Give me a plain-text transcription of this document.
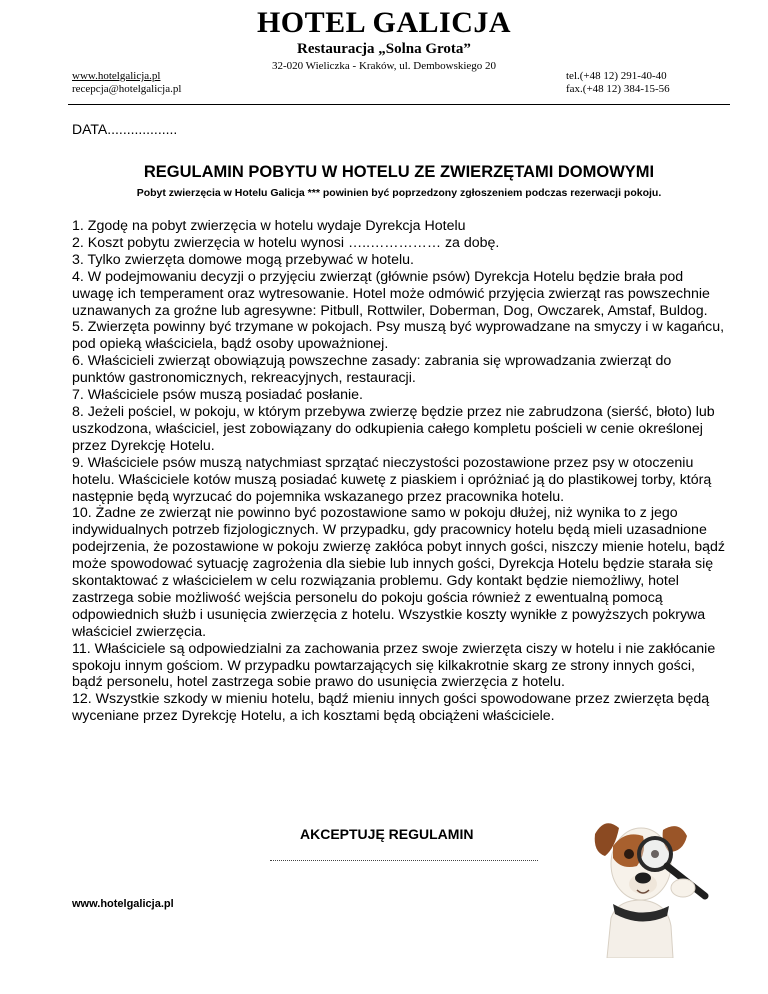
HOTEL GALICJA
Restauracja „Solna Grota”
32-020 Wieliczka - Kraków, ul. Dembowskiego 20
www.hotelgalicja.pl
recepcja@hotelgalicja.pl
tel.(+48 12) 291-40-40
fax.(+48 12) 384-15-56
DATA..................
REGULAMIN POBYTU W HOTELU ZE ZWIERZĘTAMI DOMOWYMI
Pobyt zwierzęcia w Hotelu Galicja *** powinien być poprzedzony zgłoszeniem podczas rezerwacji pokoju.

1. Zgodę na pobyt zwierzęcia w hotelu wydaje Dyrekcja Hotelu

2. Koszt pobytu zwierzęcia w hotelu wynosi …..…………… za dobę.

3. Tylko zwierzęta domowe mogą przebywać w hotelu.

4. W podejmowaniu decyzji o przyjęciu zwierząt (głównie psów) Dyrekcja Hotelu będzie brała pod uwagę ich temperament oraz wytresowanie. Hotel może odmówić przyjęcia zwierząt ras powszechnie uznawanych za groźne lub agresywne: Pitbull, Rottwiler, Doberman, Dog, Owczarek, Amstaf, Buldog.

5. Zwierzęta powinny być trzymane w pokojach. Psy muszą być wyprowadzane na smyczy i w kagańcu, pod opieką właściciela, bądź osoby upoważnionej.

6. Właścicieli zwierząt obowiązują powszechne zasady: zabrania się wprowadzania zwierząt do punktów gastronomicznych, rekreacyjnych, restauracji.

7. Właściciele psów muszą posiadać posłanie.

8. Jeżeli pościel, w pokoju, w którym przebywa zwierzę będzie przez nie zabrudzona (sierść, błoto) lub uszkodzona, właściciel, jest zobowiązany do odkupienia całego kompletu pościeli w cenie określonej przez Dyrekcję Hotelu.

9. Właściciele psów muszą natychmiast sprzątać nieczystości pozostawione przez psy w otoczeniu hotelu. Właściciele kotów muszą posiadać kuwetę z piaskiem i opróżniać ją do plastikowej torby, którą następnie będą wyrzucać do pojemnika wskazanego przez pracownika hotelu.

10. Żadne ze zwierząt nie powinno być pozostawione samo w pokoju dłużej, niż wynika to z jego indywidualnych potrzeb fizjologicznych. W przypadku, gdy pracownicy hotelu będą mieli uzasadnione podejrzenia, że pozostawione w pokoju zwierzę zakłóca pobyt innych gości, niszczy mienie hotelu, bądź może spowodować sytuację zagrożenia dla siebie lub innych gości, Dyrekcja Hotelu będzie starała się skontaktować z właścicielem w celu rozwiązania problemu. Gdy kontakt będzie niemożliwy, hotel zastrzega sobie możliwość wejścia personelu do pokoju gościa również z ewentualną pomocą odpowiednich służb i usunięcia zwierzęcia z hotelu. Wszystkie koszty wynikłe z powyższych pokrywa właściciel zwierzęcia.

11. Właściciele są odpowiedzialni za zachowania przez swoje zwierzęta ciszy w hotelu i nie zakłócanie spokoju innym gościom. W przypadku powtarzających się kilkakrotnie skarg ze strony innych gości, bądź personelu, hotel zastrzega sobie prawo do usunięcia zwierzęcia z hotelu.

12. Wszystkie szkody w mieniu hotelu, bądź mieniu innych gości spowodowane przez zwierzęta będą wyceniane przez Dyrekcję Hotelu, a ich kosztami będą obciążeni właściciele.

AKCEPTUJĘ REGULAMIN
www.hotelgalicja.pl
